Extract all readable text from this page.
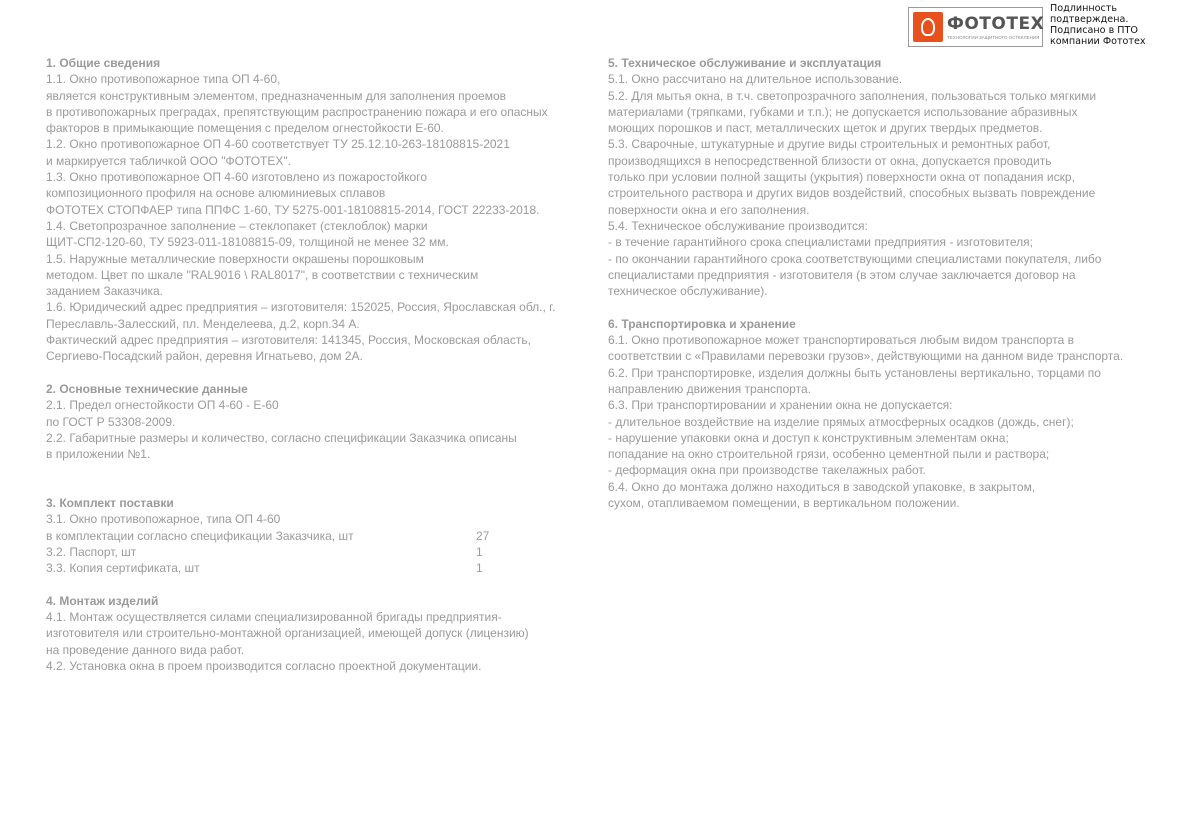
ФОТОТЕХ
ТЕХНОЛОГИИ ЗАЩИТНОГО ОСТЕКЛЕНИЯ
Подлинность
подтверждена.
Подписано в ПТО
компании Фототех
1. Общие сведения
1.1. Окно противопожарное типа ОП 4-60,
является конструктивным элементом, предназначенным для заполнения проемов
в противопожарных преградах, препятствующим распространению пожара и его опасных
факторов в примыкающие помещения с пределом огнестойкости Е-60.
1.2. Окно противопожарное ОП 4-60 соответствует ТУ 25.12.10-263-18108815-2021
и маркируется табличкой ООО "ФОТОТЕХ".
1.3. Окно противопожарное ОП 4-60 изготовлено из пожаростойкого
композиционного профиля на основе алюминиевых сплавов
ФОТОТЕХ СТОПФАЕР типа ППФС 1-60, ТУ 5275-001-18108815-2014, ГОСТ 22233-2018.
1.4. Светопрозрачное заполнение – стеклопакет (стеклоблок) марки
ЩИТ-СП2-120-60, ТУ 5923-011-18108815-09, толщиной не менее 32 мм.
1.5. Наружные металлические поверхности окрашены порошковым
методом. Цвет по шкале "RAL9016 \ RAL8017", в соответствии с техническим
заданием Заказчика.
1.6. Юридический адрес предприятия – изготовителя: 152025, Россия, Ярославская обл., г.
Переславль-Залесский, пл. Менделеева, д.2, корп.34 А.
Фактический адрес предприятия – изготовителя: 141345, Россия, Московская область,
Сергиево-Посадский район, деревня Игнатьево, дом 2А.
2. Основные технические данные
2.1. Предел огнестойкости ОП 4-60 - Е-60
по ГОСТ Р 53308-2009.
2.2. Габаритные размеры и количество, согласно спецификации Заказчика описаны
в приложении №1.
3. Комплект поставки
3.1. Окно противопожарное, типа ОП 4-60
в комплектации согласно спецификации Заказчика, шт	27
3.2. Паспорт, шт	1
3.3. Копия сертификата, шт	1
4. Монтаж изделий
4.1. Монтаж осуществляется силами специализированной бригады предприятия-
изготовителя или строительно-монтажной организацией, имеющей допуск (лицензию)
на проведение данного вида работ.
4.2. Установка окна в проем производится согласно проектной документации.
5. Техническое обслуживание и эксплуатация
5.1. Окно рассчитано на длительное использование.
5.2. Для мытья окна, в т.ч. светопрозрачного заполнения, пользоваться только мягкими
материалами (тряпками, губками и т.п.); не допускается использование абразивных
моющих порошков и паст, металлических щеток и других твердых предметов.
5.3. Сварочные, штукатурные и другие виды строительных и ремонтных работ,
производящихся в непосредственной близости от окна, допускается проводить
только при условии полной защиты (укрытия) поверхности окна от попадания искр,
строительного раствора и других видов воздействий, способных вызвать повреждение
поверхности окна и его заполнения.
5.4. Техническое обслуживание производится:
- в течение гарантийного срока специалистами предприятия - изготовителя;
- по окончании гарантийного срока соответствующими специалистами покупателя, либо
специалистами предприятия - изготовителя (в этом случае заключается договор на
техническое обслуживание).
6. Транспортировка и хранение
6.1. Окно противопожарное может транспортироваться любым видом транспорта в
соответствии с «Правилами перевозки грузов», действующими на данном виде транспорта.
6.2. При транспортировке, изделия должны быть установлены вертикально, торцами по
направлению движения транспорта.
6.3. При транспортировании и хранении окна не допускается:
- длительное воздействие на изделие прямых атмосферных осадков (дождь, снег);
- нарушение упаковки окна и доступ к конструктивным элементам окна;
попадание на окно строительной грязи, особенно цементной пыли и раствора;
- деформация окна при производстве такелажных работ.
6.4. Окно до монтажа должно находиться в заводской упаковке, в закрытом,
сухом, отапливаемом помещении, в вертикальном положении.
